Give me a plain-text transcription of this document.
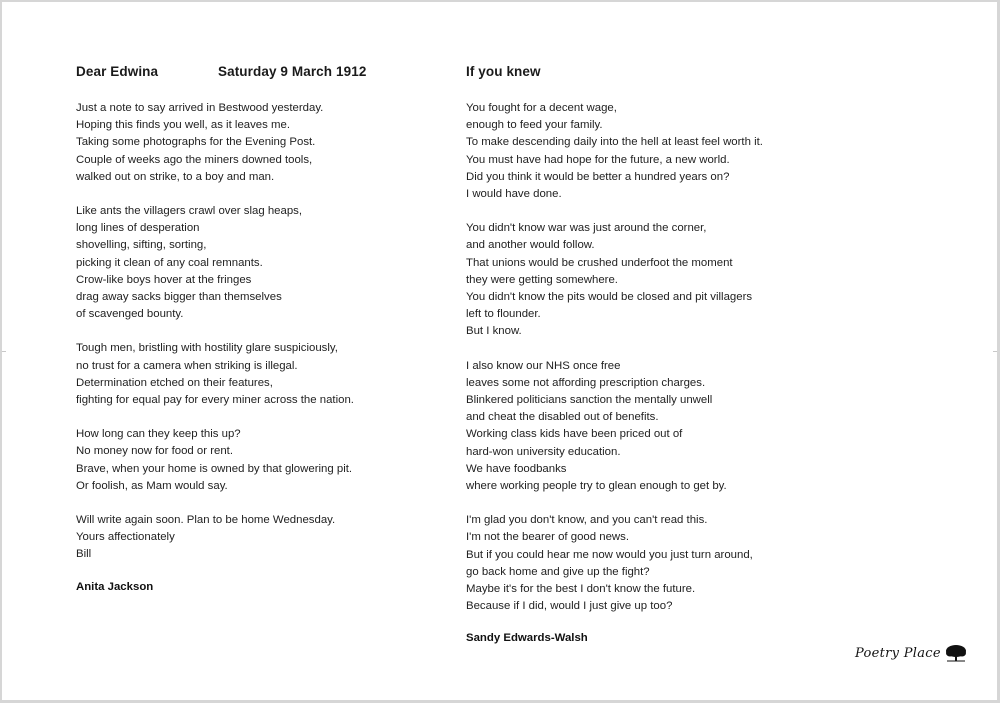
Dear Edwina	Saturday 9 March 1912
Just a note to say arrived in Bestwood yesterday.
Hoping this finds you well, as it leaves me.
Taking some photographs for the Evening Post.
Couple of weeks ago the miners downed tools,
walked out on strike, to a boy and man.
Like ants the villagers crawl over slag heaps,
long lines of desperation
shovelling, sifting, sorting,
picking it clean of any coal remnants.
Crow-like boys hover at the fringes
drag away sacks bigger than themselves
of scavenged bounty.
Tough men, bristling with hostility glare suspiciously,
no trust for a camera when striking is illegal.
Determination etched on their features,
fighting for equal pay for every miner across the nation.
How long can they keep this up?
No money now for food or rent.
Brave, when your home is owned by that glowering pit.
Or foolish, as Mam would say.
Will write again soon. Plan to be home Wednesday.
Yours affectionately
Bill
Anita Jackson
If you knew
You fought for a decent wage,
enough to feed your family.
To make descending daily into the hell at least feel worth it.
You must have had hope for the future, a new world.
Did you think it would be better a hundred years on?
I would have done.
You didn't know war was just around the corner,
and another would follow.
That unions would be crushed underfoot the moment
they were getting somewhere.
You didn't know the pits would be closed and pit villagers
left to flounder.
But I know.
I also know our NHS once free
leaves some not affording prescription charges.
Blinkered politicians sanction the mentally unwell
and cheat the disabled out of benefits.
Working class kids have been priced out of
hard-won university education.
We have foodbanks
where working people try to glean enough to get by.
I'm glad you don't know, and you can't read this.
I'm not the bearer of good news.
But if you could hear me now would you just turn around,
go back home and give up the fight?
Maybe it's for the best I don't know the future.
Because if I did, would I just give up too?
Sandy Edwards-Walsh
Poetry Place
